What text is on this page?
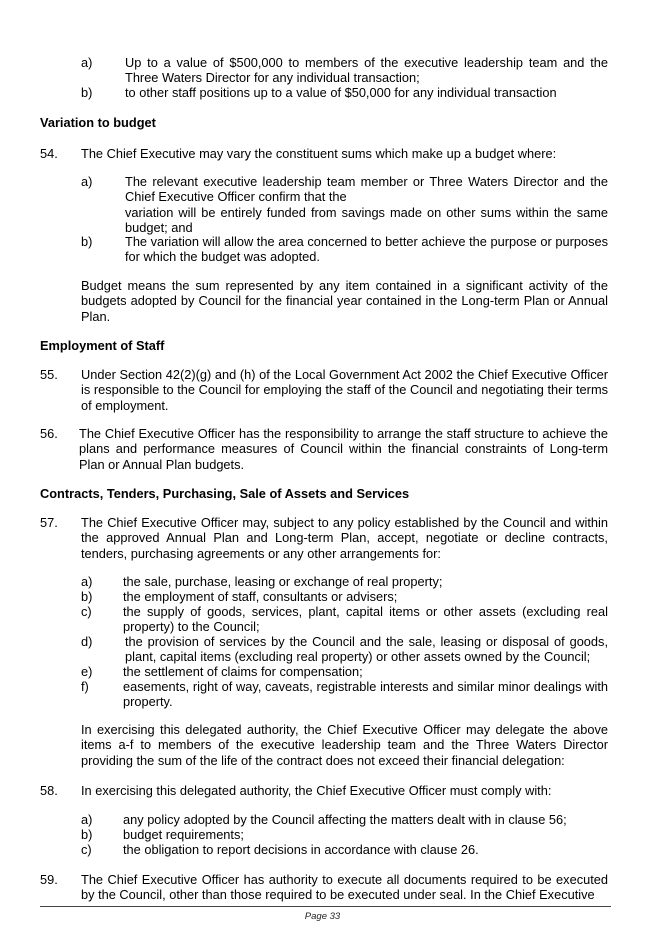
a)	Up to a value of $500,000 to members of the executive leadership team and the Three Waters Director for any individual transaction;
b)	to other staff positions up to a value of $50,000 for any individual transaction
Variation to budget
54. The Chief Executive may vary the constituent sums which make up a budget where:
a)	The relevant executive leadership team member or Three Waters Director and the Chief Executive Officer confirm that the
variation will be entirely funded from savings made on other sums within the same budget; and
b)	The variation will allow the area concerned to better achieve the purpose or purposes for which the budget was adopted.
Budget means the sum represented by any item contained in a significant activity of the budgets adopted by Council for the financial year contained in the Long-term Plan or Annual Plan.
Employment of Staff
55. Under Section 42(2)(g) and (h) of the Local Government Act 2002 the Chief Executive Officer is responsible to the Council for employing the staff of the Council and negotiating their terms of employment.
56. The Chief Executive Officer has the responsibility to arrange the staff structure to achieve the plans and performance measures of Council within the financial constraints of Long-term Plan or Annual Plan budgets.
Contracts, Tenders, Purchasing, Sale of Assets and Services
57. The Chief Executive Officer may, subject to any policy established by the Council and within the approved Annual Plan and Long-term Plan, accept, negotiate or decline contracts, tenders, purchasing agreements or any other arrangements for:
a)	the sale, purchase, leasing or exchange of real property;
b)	the employment of staff, consultants or advisers;
c)	the supply of goods, services, plant, capital items or other assets (excluding real property) to the Council;
d)	the provision of services by the Council and the sale, leasing or disposal of goods, plant, capital items (excluding real property) or other assets owned by the Council;
e)	the settlement of claims for compensation;
f)	easements, right of way, caveats, registrable interests and similar minor dealings with property.
In exercising this delegated authority, the Chief Executive Officer may delegate the above items a-f to members of the executive leadership team and the Three Waters Director providing the sum of the life of the contract does not exceed their financial delegation:
58. In exercising this delegated authority, the Chief Executive Officer must comply with:
a)	any policy adopted by the Council affecting the matters dealt with in clause 56;
b)	budget requirements;
c)	the obligation to report decisions in accordance with clause 26.
59. The Chief Executive Officer has authority to execute all documents required to be executed by the Council, other than those required to be executed under seal. In the Chief Executive
Page 33
